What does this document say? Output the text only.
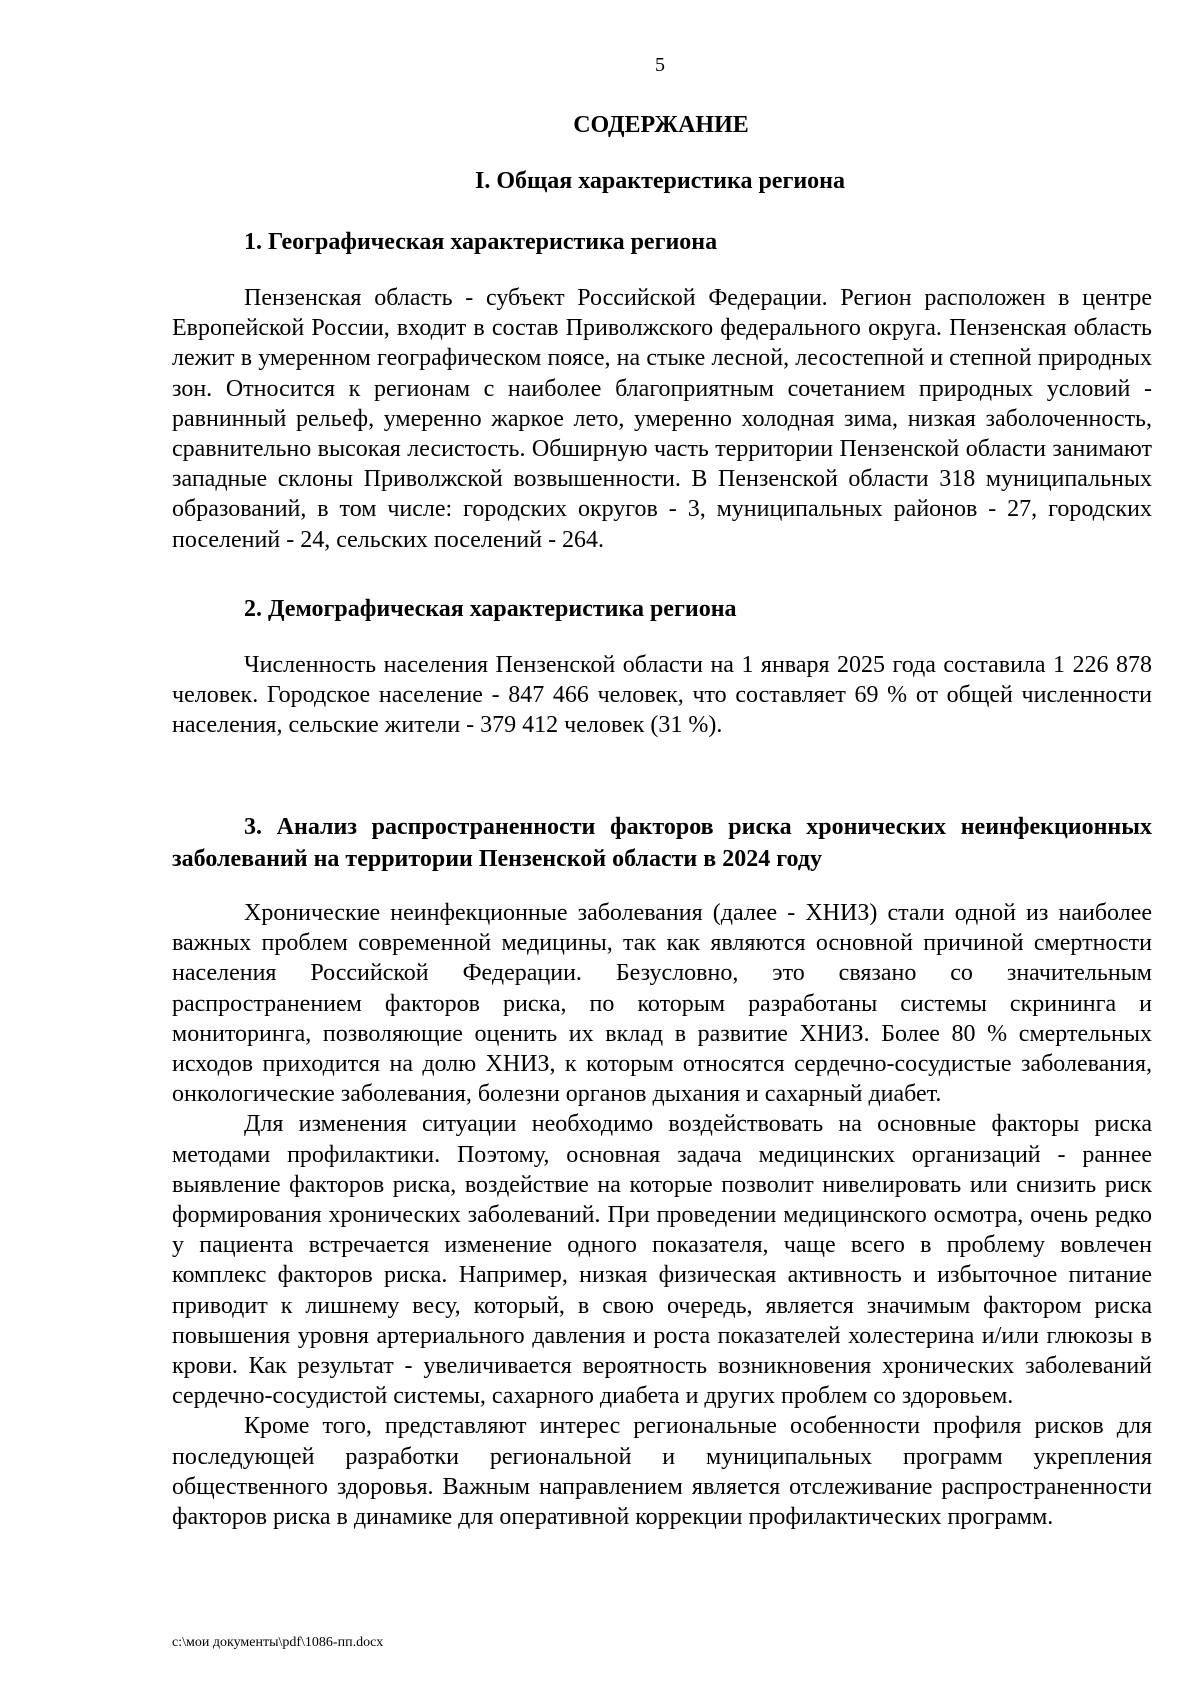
5
СОДЕРЖАНИЕ
I. Общая характеристика региона
1. Географическая характеристика региона

Пензенская область - субъект Российской Федерации. Регион расположен в центре Европейской России, входит в состав Приволжского федерального округа. Пензенская область лежит в умеренном географическом поясе, на стыке лесной, лесостепной и степной природных зон. Относится к регионам с наиболее благоприятным сочетанием природных условий - равнинный рельеф, умеренно жаркое лето, умеренно холодная зима, низкая заболоченность, сравнительно высокая лесистость. Обширную часть территории Пензенской области занимают западные склоны Приволжской возвышенности. В Пензенской области 318 муниципальных образований, в том числе: городских округов - 3, муниципальных районов - 27, городских поселений - 24, сельских поселений - 264.

2. Демографическая характеристика региона

Численность населения Пензенской области на 1 января 2025 года составила 1 226 878 человек. Городское население - 847 466 человек, что составляет 69 % от общей численности населения, сельские жители - 379 412 человек (31 %).

3. Анализ распространенности факторов риска хронических неинфекционных
заболеваний на территории Пензенской области в 2024 году

Хронические неинфекционные заболевания (далее - ХНИЗ) стали одной из наиболее важных проблем современной медицины, так как являются основной причиной смертности населения Российской Федерации. Безусловно, это связано со значительным распространением факторов риска, по которым разработаны системы скрининга и мониторинга, позволяющие оценить их вклад в развитие ХНИЗ. Более 80 % смертельных исходов приходится на долю ХНИЗ, к которым относятся сердечно-сосудистые заболевания, онкологические заболевания, болезни органов дыхания и сахарный диабет.

Для изменения ситуации необходимо воздействовать на основные факторы риска методами профилактики. Поэтому, основная задача медицинских организаций - раннее выявление факторов риска, воздействие на которые позволит нивелировать или снизить риск формирования хронических заболеваний. При проведении медицинского осмотра, очень редко у пациента встречается изменение одного показателя, чаще всего в проблему вовлечен комплекс факторов риска. Например, низкая физическая активность и избыточное питание приводит к лишнему весу, который, в свою очередь, является значимым фактором риска повышения уровня артериального давления и роста показателей холестерина и/или глюкозы в крови. Как результат - увеличивается вероятность возникновения хронических заболеваний сердечно-сосудистой системы, сахарного диабета и других проблем со здоровьем.

Кроме того, представляют интерес региональные особенности профиля рисков для последующей разработки региональной и муниципальных программ укрепления общественного здоровья. Важным направлением является отслеживание распространенности факторов риска в динамике для оперативной коррекции профилактических программ.

c:\мои документы\pdf\1086-пп.docx
